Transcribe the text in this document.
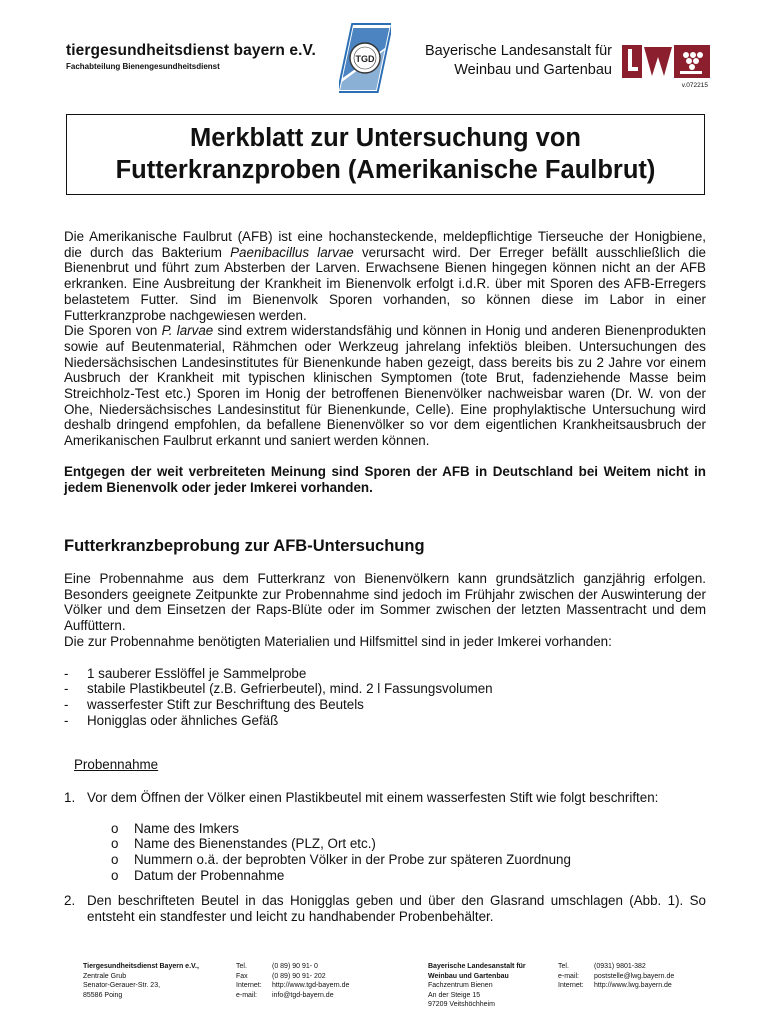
tiergesundheitsdienst bayern e.V.
Fachabteilung Bienengesundheitsdienst
TGD	Bayerische Landesanstalt für
Weinbau und Gartenbau
v.072215
Merkblatt zur Untersuchung von
Futterkranzproben (Amerikanische Faulbrut)

Die Amerikanische Faulbrut (AFB) ist eine hochansteckende, meldepflichtige Tierseuche der Honigbiene, die durch das Bakterium Paenibacillus larvae verursacht wird. Der Erreger befällt ausschließlich die Bienenbrut und führt zum Absterben der Larven. Erwachsene Bienen hingegen können nicht an der AFB erkranken. Eine Ausbreitung der Krankheit im Bienenvolk erfolgt i.d.R. über mit Sporen des AFB-Erregers belastetem Futter. Sind im Bienenvolk Sporen vorhanden, so können diese im Labor in einer Futterkranzprobe nachgewiesen werden.

Die Sporen von P. larvae sind extrem widerstandsfähig und können in Honig und anderen Bienenprodukten sowie auf Beutenmaterial, Rähmchen oder Werkzeug jahrelang infektiös bleiben. Untersuchungen des Niedersächsischen Landesinstitutes für Bienenkunde haben gezeigt, dass bereits bis zu 2 Jahre vor einem Ausbruch der Krankheit mit typischen klinischen Symptomen (tote Brut, fadenziehende Masse beim Streichholz-Test etc.) Sporen im Honig der betroffenen Bienenvölker nachweisbar waren (Dr. W. von der Ohe, Niedersächsisches Landesinstitut für Bienenkunde, Celle). Eine prophylaktische Untersuchung wird deshalb dringend empfohlen, da befallene Bienenvölker so vor dem eigentlichen Krankheitsausbruch der Amerikanischen Faulbrut erkannt und saniert werden können.

Entgegen der weit verbreiteten Meinung sind Sporen der AFB in Deutschland bei Weitem nicht in jedem Bienenvolk oder jeder Imkerei vorhanden.

Futterkranzbeprobung zur AFB-Untersuchung

Eine Probennahme aus dem Futterkranz von Bienenvölkern kann grundsätzlich ganzjährig erfolgen. Besonders geeignete Zeitpunkte zur Probennahme sind jedoch im Frühjahr zwischen der Auswinterung der Völker und dem Einsetzen der Raps-Blüte oder im Sommer zwischen der letzten Massentracht und dem Auffüttern.

Die zur Probennahme benötigten Materialien und Hilfsmittel sind in jeder Imkerei vorhanden:

- 1 sauberer Esslöffel je Sammelprobe
- stabile Plastikbeutel (z.B. Gefrierbeutel), mind. 2 l Fassungsvolumen
- wasserfester Stift zur Beschriftung des Beutels
- Honigglas oder ähnliches Gefäß
Probennahme
1. Vor dem Öffnen der Völker einen Plastikbeutel mit einem wasserfesten Stift wie folgt beschriften:
o Name des Imkers
o Name des Bienenstandes (PLZ, Ort etc.)
o Nummern o.ä. der beprobten Völker in der Probe zur späteren Zuordnung
o Datum der Probennahme
2. Den beschrifteten Beutel in das Honigglas geben und über den Glasrand umschlagen (Abb. 1). So entsteht ein standfester und leicht zu handhabender Probenbehälter.
Tiergesundheitsdienst Bayern e.V.,
Zentrale Grub
Senator-Gerauer-Str. 23,
85586 Poing
Tel.	(0 89) 90 91- 0
Fax	(0 89) 90 91- 202
Internet:	http://www.tgd-bayern.de
e-mail:	info@tgd-bayern.de
Bayerische Landesanstalt für
Weinbau und Gartenbau
Fachzentrum Bienen
An der Steige 15
97209 Veitshöchheim
Tel.	(0931) 9801-382
e-mail:	poststelle@lwg.bayern.de
Internet:	http://www.lwg.bayern.de
